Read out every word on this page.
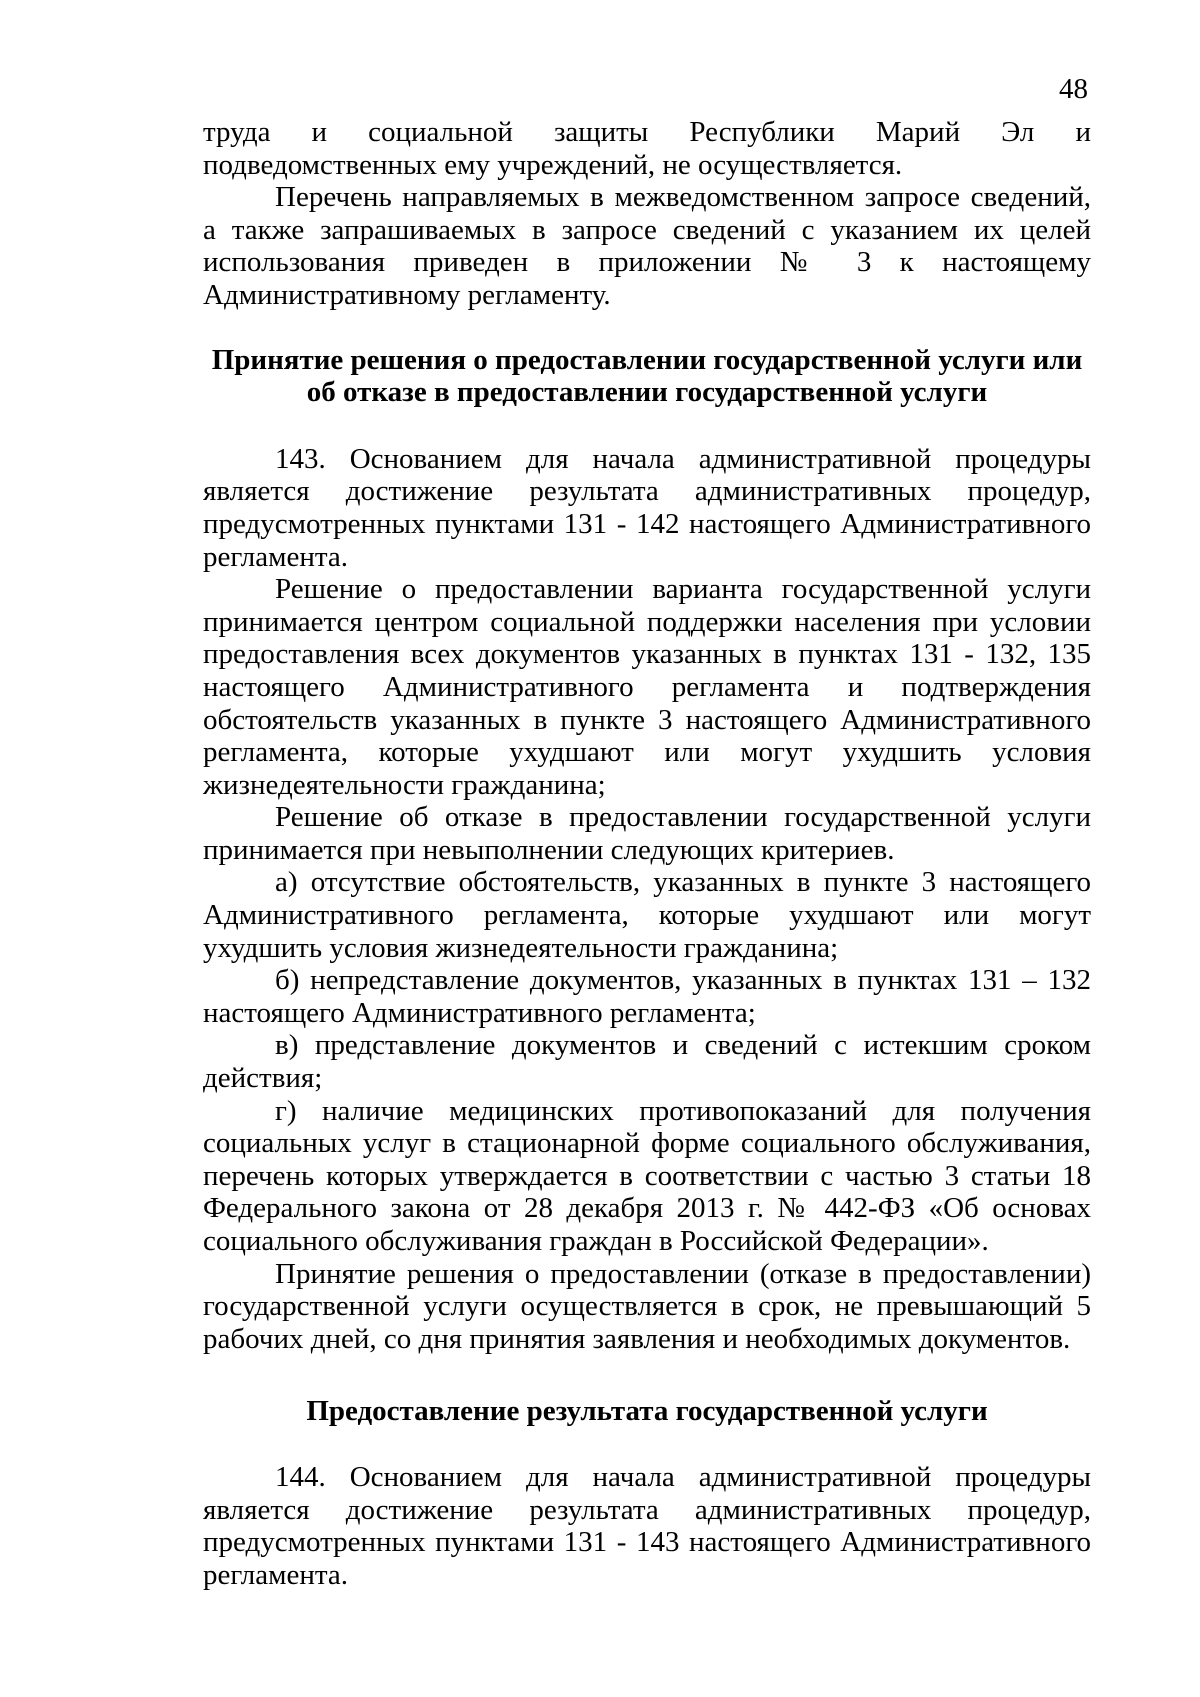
48

труда и социальной защиты Республики Марий Эл и подведомственных ему учреждений, не осуществляется.

Перечень направляемых в межведомственном запросе сведений, а также запрашиваемых в запросе сведений с указанием их целей использования приведен в приложении № 3 к настоящему Административному регламенту.

Принятие решения о предоставлении государственной услуги или об отказе в предоставлении государственной услуги

143. Основанием для начала административной процедуры является достижение результата административных процедур, предусмотренных пунктами 131 - 142 настоящего Административного регламента.

Решение о предоставлении варианта государственной услуги принимается центром социальной поддержки населения при условии предоставления всех документов указанных в пунктах 131 - 132, 135 настоящего Административного регламента и подтверждения обстоятельств указанных в пункте 3 настоящего Административного регламента, которые ухудшают или могут ухудшить условия жизнедеятельности гражданина;

Решение об отказе в предоставлении государственной услуги принимается при невыполнении следующих критериев.

а) отсутствие обстоятельств, указанных в пункте 3 настоящего Административного регламента, которые ухудшают или могут ухудшить условия жизнедеятельности гражданина;

б) непредставление документов, указанных в пунктах 131 – 132 настоящего Административного регламента;

в) представление документов и сведений с истекшим сроком действия;

г) наличие медицинских противопоказаний для получения социальных услуг в стационарной форме социального обслуживания, перечень которых утверждается в соответствии с частью 3 статьи 18 Федерального закона от 28 декабря 2013 г. № 442-ФЗ «Об основах социального обслуживания граждан в Российской Федерации».

Принятие решения о предоставлении (отказе в предоставлении) государственной услуги осуществляется в срок, не превышающий 5 рабочих дней, со дня принятия заявления и необходимых документов.

Предоставление результата государственной услуги

144. Основанием для начала административной процедуры является достижение результата административных процедур, предусмотренных пунктами 131 - 143 настоящего Административного регламента.
